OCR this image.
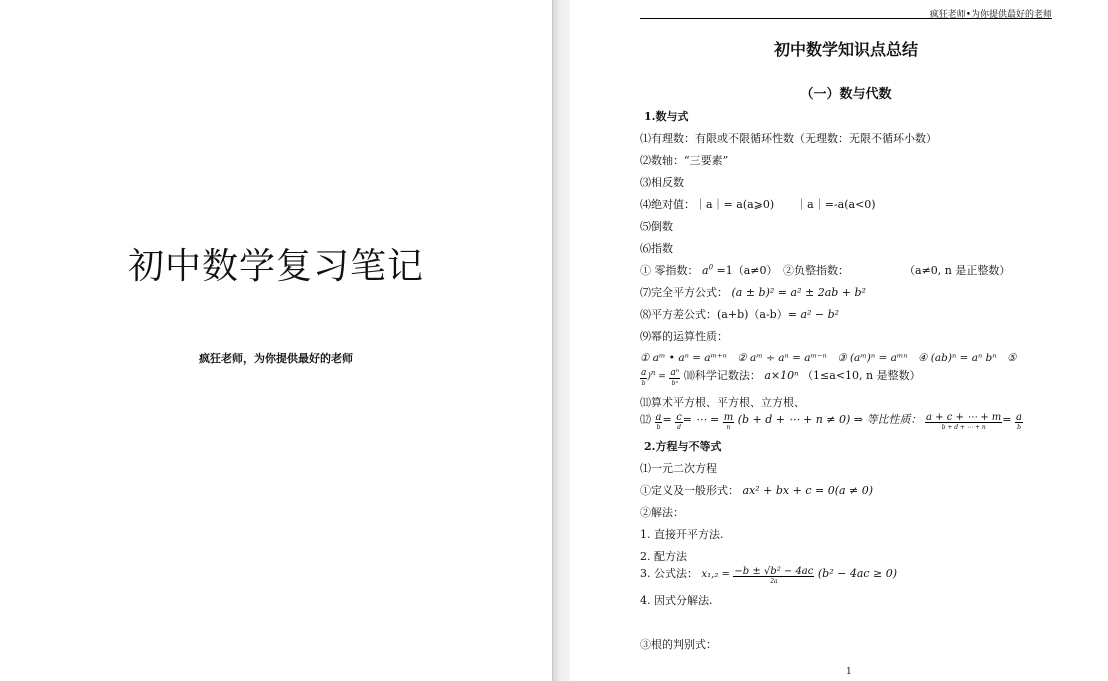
初中数学复习笔记
疯狂老师，为你提供最好的老师
疯狂老师•为你提供最好的老师
初中数学知识点总结
（一）数与代数
1.数与式
⑴有理数：有限或不限循环性数（无理数：无限不循环小数）
⑵数轴：“三要素”
⑶相反数
⑷绝对值：｜a｜= a(a⩾0)　　｜a｜=-a(a<0)
⑸倒数
⑹指数
① 零指数： $a^0 =1(a\ne 0)$　②负整指数：	（a≠0, n 是正整数）
⑺完全平方公式： (a ± b)² = a² ± 2ab + b²
⑻平方差公式：(a+b)（a-b）= a² − b²
⑼幂的运算性质：
① aᵐ • aⁿ = aᵐ⁺ⁿ　② aᵐ ÷ aⁿ = aᵐ⁻ⁿ　③ (aᵐ)ⁿ = aᵐⁿ　④ (ab)ⁿ = aⁿ bⁿ　⑤
$\frac{a}{b} )^n = \frac{\text{aⁿ}}{\text{bⁿ}}$ ⑽科学记数法： a×10ⁿ （1≤a<10, n 是整数）
⑾算术平方根、平方根、立方根、
⑿ $\frac{a}{b} = \frac{c}{d}$ = ⋯ = $\frac{m}{n} (b + d$ + ⋯ + n ≠ 0) ⇒ 等比性质： $\frac{a + c + \cdots + m}{b + d + \cdots + n} = \frac{a}{b}$
2.方程与不等式
⑴一元二次方程
①定义及一般形式： ax² + bx + c = 0(a ≠ 0)
②解法：
1. 直接开平方法.
2. 配方法
3. 公式法： $x_1,_2 = \frac{\text{−b ± √b² − 4ac}}{2a} (b^2 - 4ac \ge 0)$
4. 因式分解法.
③根的判别式：
1
